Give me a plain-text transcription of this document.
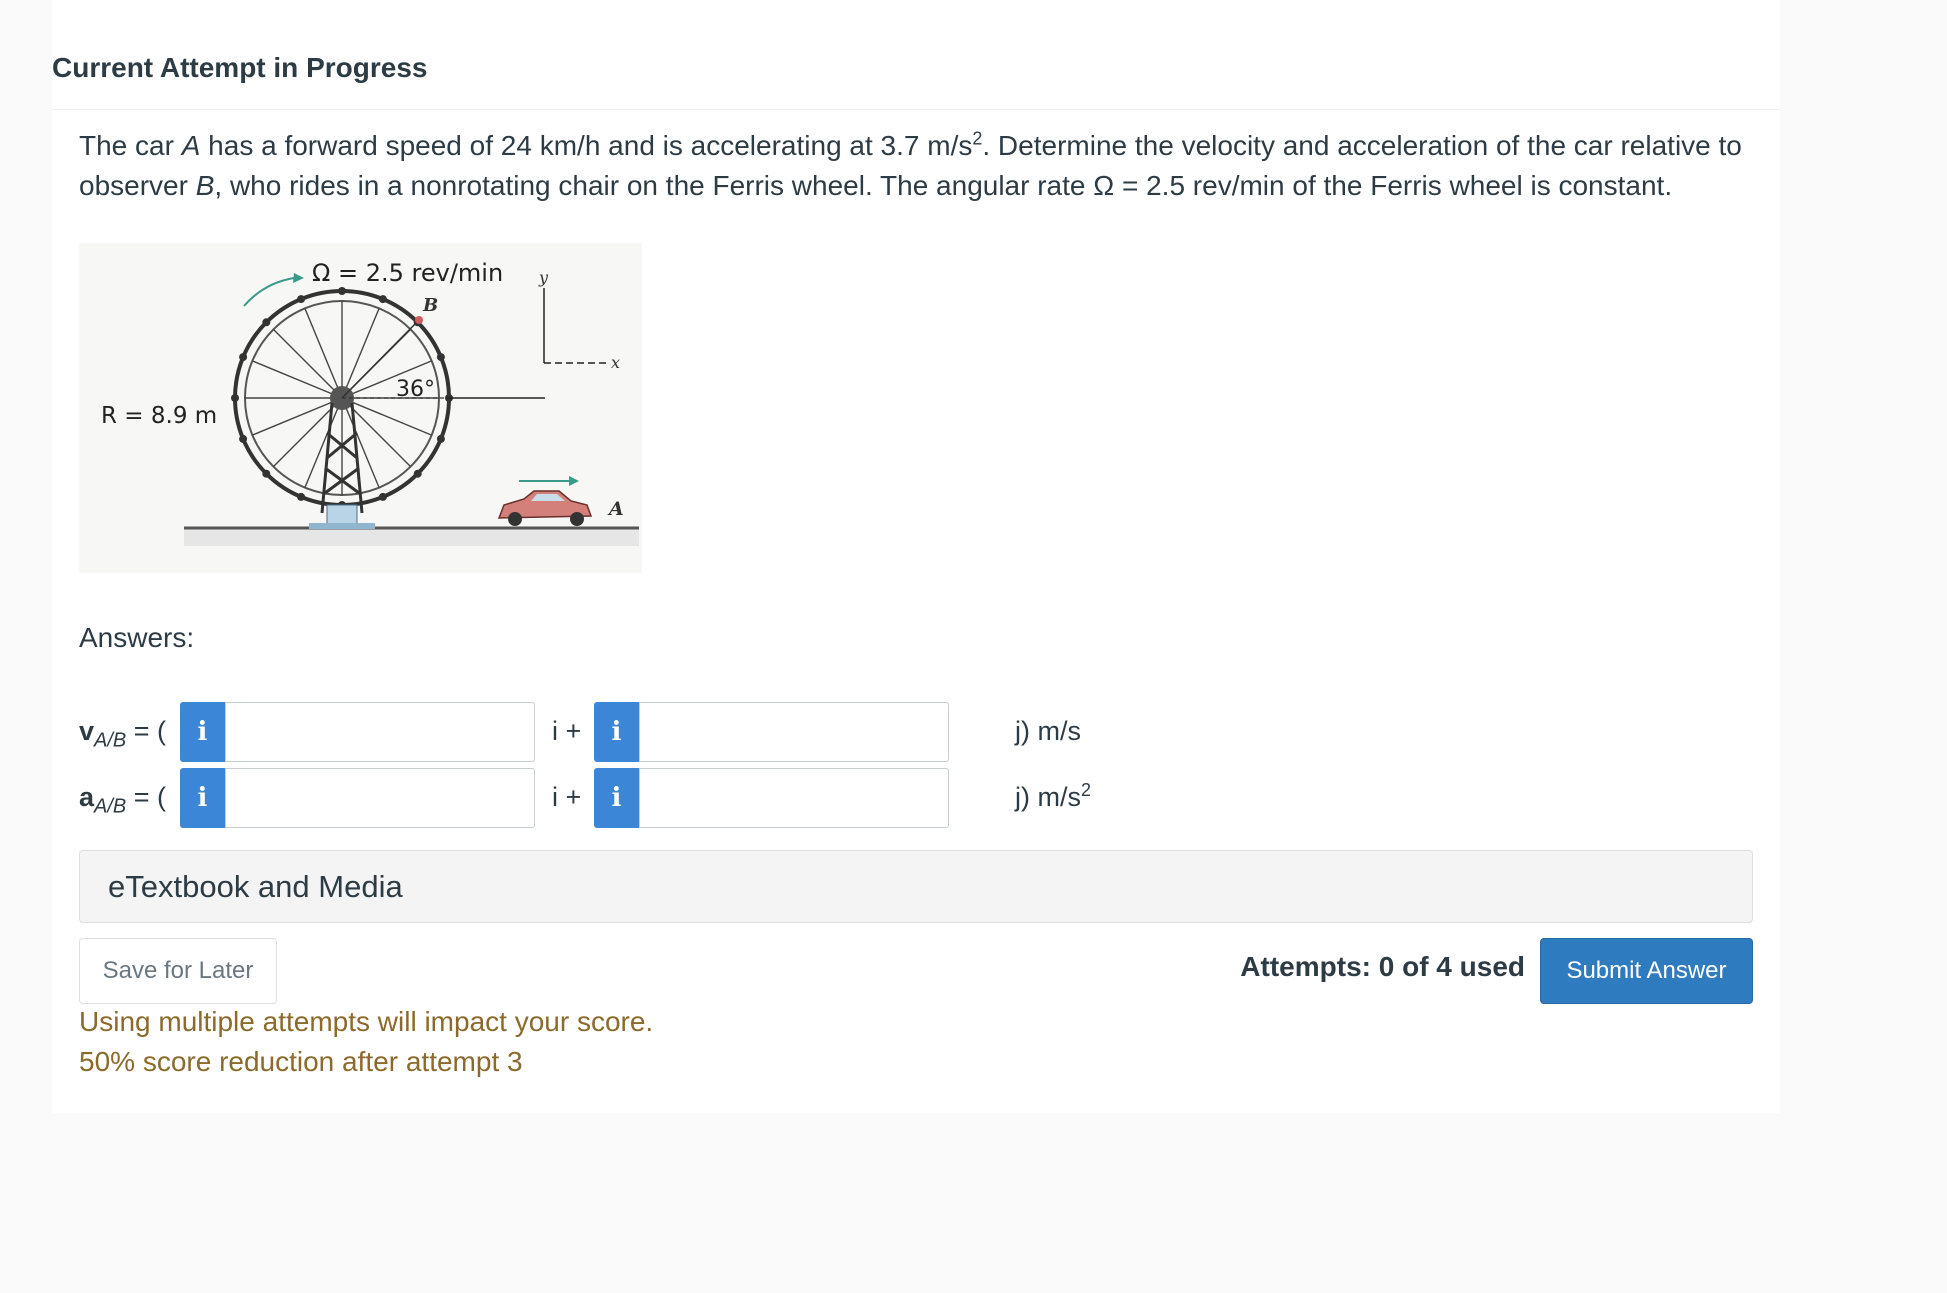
Current Attempt in Progress
The car A has a forward speed of 24 km/h and is accelerating at 3.7 $m/s^2$. Determine the velocity and acceleration of the car relative to observer B, who rides in a nonrotating chair on the Ferris wheel. The angular rate Ω = 2.5 rev/min of the Ferris wheel is constant.
Ω = 2.5 rev/min
B
36°
R = 8.9 m
y
x
A
Answers:
$v_{A/B}$ = (	i	i +	i	j) m/s
$a_{A/B}$ = (	i	i +	i	j) $m/s^2$
eTextbook and Media
Save for Later	Attempts: 0 of 4 used	Submit Answer
Using multiple attempts will impact your score.
50% score reduction after attempt 3
